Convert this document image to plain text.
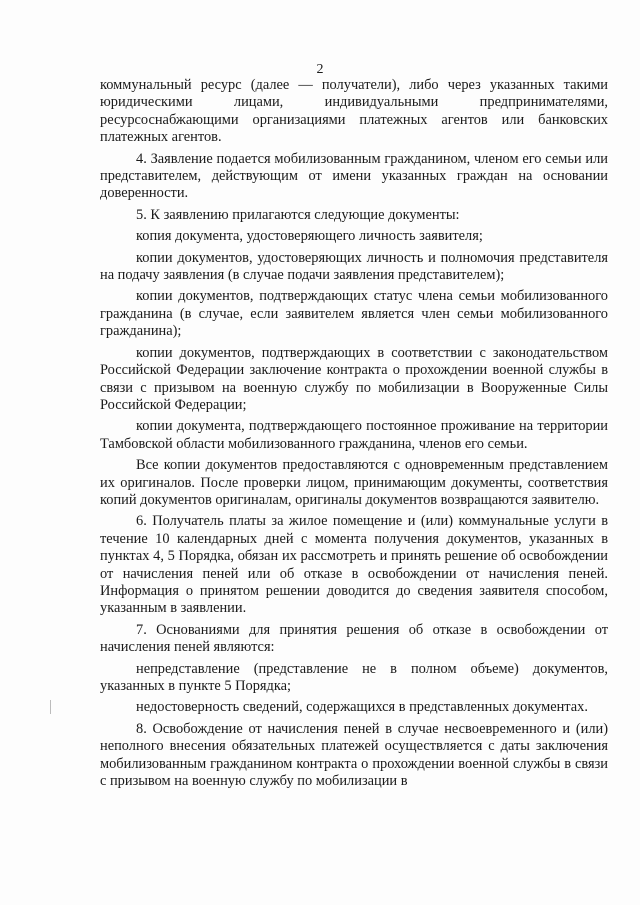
2

коммунальный ресурс (далее — получатели), либо через указанных такими юридическими лицами, индивидуальными предпринимателями, ресурсоснабжающими организациями платежных агентов или банковских платежных агентов.

4. Заявление подается мобилизованным гражданином, членом его семьи или представителем, действующим от имени указанных граждан на основании доверенности.

5. К заявлению прилагаются следующие документы:

копия документа, удостоверяющего личность заявителя;

копии документов, удостоверяющих личность и полномочия представителя на подачу заявления (в случае подачи заявления представителем);

копии документов, подтверждающих статус члена семьи мобилизованного гражданина (в случае, если заявителем является член семьи мобилизованного гражданина);

копии документов, подтверждающих в соответствии с законодательством Российской Федерации заключение контракта о прохождении военной службы в связи с призывом на военную службу по мобилизации в Вооруженные Силы Российской Федерации;

копии документа, подтверждающего постоянное проживание на территории Тамбовской области мобилизованного гражданина, членов его семьи.

Все копии документов предоставляются с одновременным представлением их оригиналов. После проверки лицом, принимающим документы, соответствия копий документов оригиналам, оригиналы документов возвращаются заявителю.

6. Получатель платы за жилое помещение и (или) коммунальные услуги в течение 10 календарных дней с момента получения документов, указанных в пунктах 4, 5 Порядка, обязан их рассмотреть и принять решение об освобождении от начисления пеней или об отказе в освобождении от начисления пеней. Информация о принятом решении доводится до сведения заявителя способом, указанным в заявлении.

7. Основаниями для принятия решения об отказе в освобождении от начисления пеней являются:

непредставление (представление не в полном объеме) документов, указанных в пункте 5 Порядка;

недостоверность сведений, содержащихся в представленных документах.

8. Освобождение от начисления пеней в случае несвоевременного и (или) неполного внесения обязательных платежей осуществляется с даты заключения мобилизованным гражданином контракта о прохождении военной службы в связи с призывом на военную службу по мобилизации в
